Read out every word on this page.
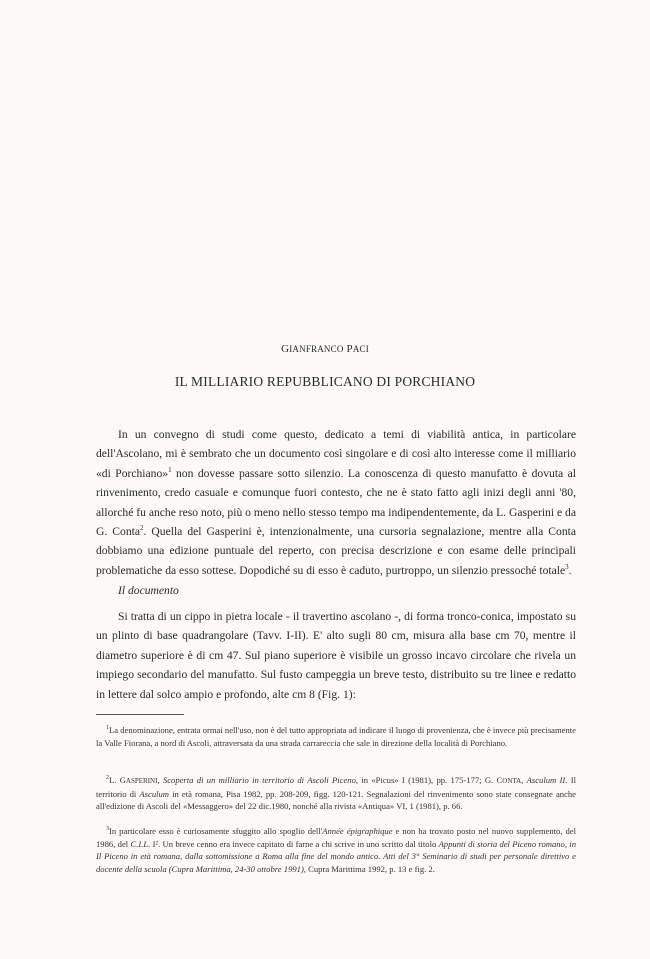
GIANFRANCO PACI
IL MILLIARIO REPUBBLICANO DI PORCHIANO
In un convegno di studi come questo, dedicato a temi di viabilità antica, in particolare dell'Ascolano, mi è sembrato che un documento così singolare e di così alto interesse come il milliario «di Porchiano»$^1$ non dovesse passare sotto silenzio. La conoscenza di questo manufatto è dovuta al rinvenimento, credo casuale e comunque fuori contesto, che ne è stato fatto agli inizi degli anni '80, allorché fu anche reso noto, più o meno nello stesso tempo ma indipendentemente, da L. Gasperini e da G. Conta$^2$. Quella del Gasperini è, intenzionalmente, una cursoria segnalazione, mentre alla Conta dobbiamo una edizione puntuale del reperto, con precisa descrizione e con esame delle principali problematiche da esso sottese. Dopodiché su di esso è caduto, purtroppo, un silenzio pressoché totale$^3$.
Il documento
Si tratta di un cippo in pietra locale - il travertino ascolano -, di forma tronco-conica, impostato su un plinto di base quadrangolare (Tavv. I-II). E' alto sugli 80 cm, misura alla base cm 70, mentre il diametro superiore è di cm 47. Sul piano superiore è visibile un grosso incavo circolare che rivela un impiego secondario del manufatto. Sul fusto campeggia un breve testo, distribuito su tre linee e redatto in lettere dal solco ampio e profondo, alte cm 8 (Fig. 1):
$^1$La denominazione, entrata ormai nell'uso, non è del tutto appropriata ad indicare il luogo di provenienza, che è invece più precisamente la Valle Fiorana, a nord di Ascoli, attraversata da una strada carrareccia che sale in direzione della località di Porchiano.
$^2$L. GASPERINI, Scoperta di un milliario in territorio di Ascoli Piceno, in «Picus» I (1981), pp. 175-177; G. CONTA, Asculum II. Il territorio di Asculum in età romana, Pisa 1982, pp. 208-209, figg. 120-121. Segnalazioni del rinvenimento sono state consegnate anche all'edizione di Ascoli del «Messaggero» del 22 dic.1980, nonché alla rivista «Antiqua» VI, 1 (1981), p. 66.
$^3$In particolare esso è curiosamente sfuggito allo spoglio dell'Année épigraphique e non ha trovato posto nel nuovo supplemento, del 1986, del C.I.L. I². Un breve cenno era invece capitato di farne a chi scrive in uno scritto dal titolo Appunti di storia del Piceno romano, in Il Piceno in età romana, dalla sottomissione a Roma alla fine del mondo antico. Atti del 3° Seminario di studi per personale direttivo e docente della scuola (Cupra Marittima, 24-30 ottobre 1991), Cupra Marittima 1992, p. 13 e fig. 2.
